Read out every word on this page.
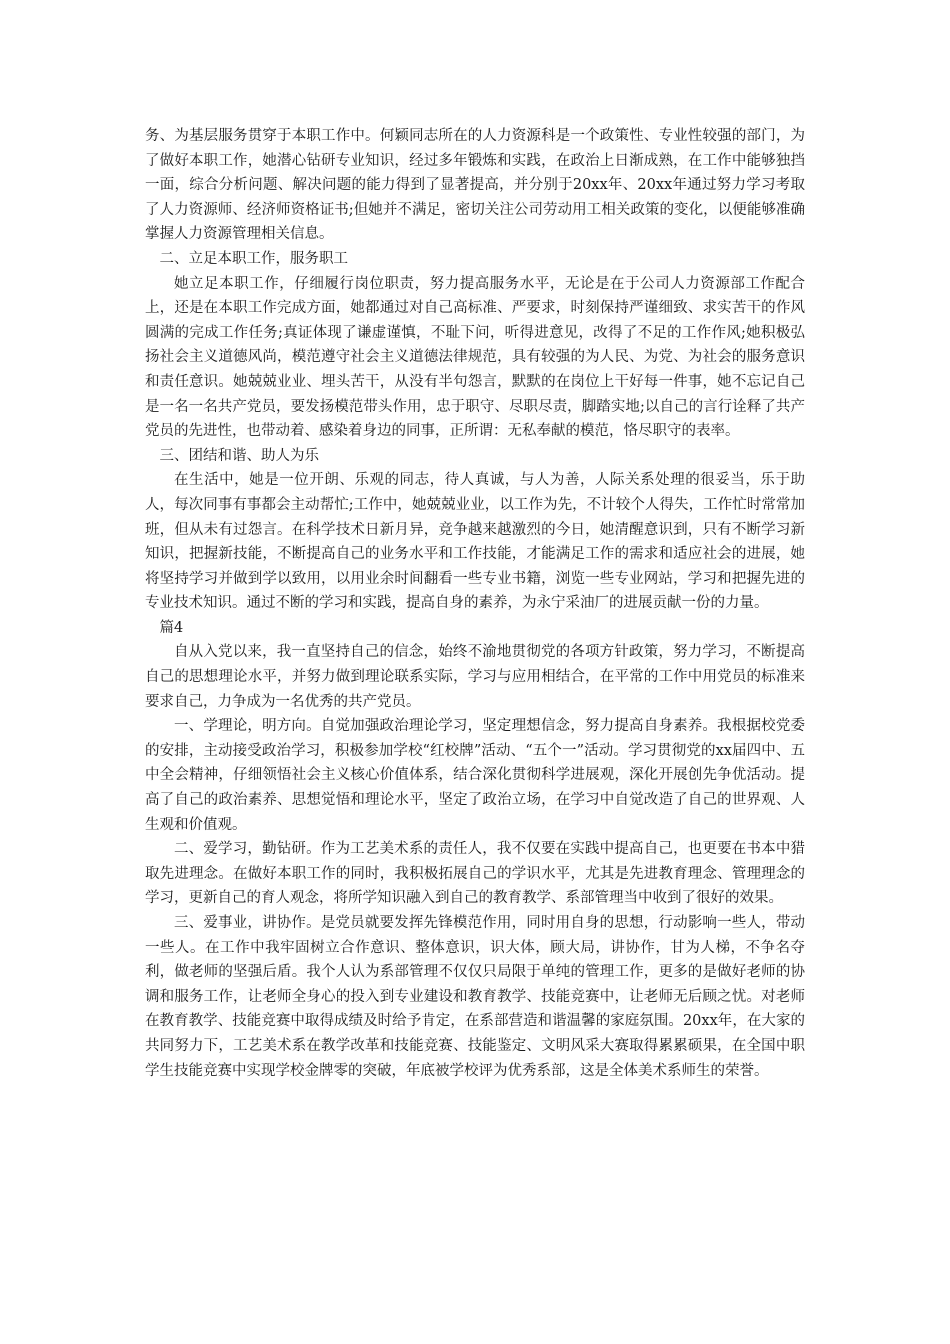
务、为基层服务贯穿于本职工作中。何颖同志所在的人力资源科是一个政策性、专业性较强的部门，为了做好本职工作，她潜心钻研专业知识，经过多年锻炼和实践，在政治上日渐成熟，在工作中能够独挡一面，综合分析问题、解决问题的能力得到了显著提高，并分别于20xx年、20xx年通过努力学习考取了人力资源师、经济师资格证书;但她并不满足，密切关注公司劳动用工相关政策的变化，以便能够准确掌握人力资源管理相关信息。

二、立足本职工作，服务职工

她立足本职工作，仔细履行岗位职责，努力提高服务水平，无论是在于公司人力资源部工作配合上，还是在本职工作完成方面，她都通过对自己高标准、严要求，时刻保持严谨细致、求实苦干的作风圆满的完成工作任务;真证体现了谦虚谨慎，不耻下问，听得进意见，改得了不足的工作作风;她积极弘扬社会主义道德风尚，模范遵守社会主义道德法律规范，具有较强的为人民、为党、为社会的服务意识和责任意识。她兢兢业业、埋头苦干，从没有半句怨言，默默的在岗位上干好每一件事，她不忘记自己是一名一名共产党员，要发扬模范带头作用，忠于职守、尽职尽责，脚踏实地;以自己的言行诠释了共产党员的先进性，也带动着、感染着身边的同事，正所谓：无私奉献的模范，恪尽职守的表率。

三、团结和谐、助人为乐

在生活中，她是一位开朗、乐观的同志，待人真诚，与人为善，人际关系处理的很妥当，乐于助人，每次同事有事都会主动帮忙;工作中，她兢兢业业，以工作为先，不计较个人得失，工作忙时常常加班，但从未有过怨言。在科学技术日新月异，竞争越来越激烈的今日，她清醒意识到，只有不断学习新知识，把握新技能，不断提高自己的业务水平和工作技能，才能满足工作的需求和适应社会的进展，她将坚持学习并做到学以致用，以用业余时间翻看一些专业书籍，浏览一些专业网站，学习和把握先进的专业技术知识。通过不断的学习和实践，提高自身的素养，为永宁采油厂的进展贡献一份的力量。

篇4

自从入党以来，我一直坚持自己的信念，始终不渝地贯彻党的各项方针政策，努力学习，不断提高自己的思想理论水平，并努力做到理论联系实际，学习与应用相结合，在平常的工作中用党员的标准来要求自己，力争成为一名优秀的共产党员。

一、学理论，明方向。自觉加强政治理论学习，坚定理想信念，努力提高自身素养。我根据校党委的安排，主动接受政治学习，积极参加学校“红校牌”活动、“五个一”活动。学习贯彻党的xx届四中、五中全会精神，仔细领悟社会主义核心价值体系，结合深化贯彻科学进展观，深化开展创先争优活动。提高了自己的政治素养、思想觉悟和理论水平，坚定了政治立场，在学习中自觉改造了自己的世界观、人生观和价值观。

二、爱学习，勤钻研。作为工艺美术系的责任人，我不仅要在实践中提高自己，也更要在书本中猎取先进理念。在做好本职工作的同时，我积极拓展自己的学识水平，尤其是先进教育理念、管理理念的学习，更新自己的育人观念，将所学知识融入到自己的教育教学、系部管理当中收到了很好的效果。

三、爱事业，讲协作。是党员就要发挥先锋模范作用，同时用自身的思想，行动影响一些人，带动一些人。在工作中我牢固树立合作意识、整体意识，识大体，顾大局，讲协作，甘为人梯，不争名夺利，做老师的坚强后盾。我个人认为系部管理不仅仅只局限于单纯的管理工作，更多的是做好老师的协调和服务工作，让老师全身心的投入到专业建设和教育教学、技能竞赛中，让老师无后顾之忧。对老师在教育教学、技能竞赛中取得成绩及时给予肯定，在系部营造和谐温馨的家庭氛围。20xx年，在大家的共同努力下，工艺美术系在教学改革和技能竞赛、技能鉴定、文明风采大赛取得累累硕果，在全国中职学生技能竞赛中实现学校金牌零的突破，年底被学校评为优秀系部，这是全体美术系师生的荣誉。
